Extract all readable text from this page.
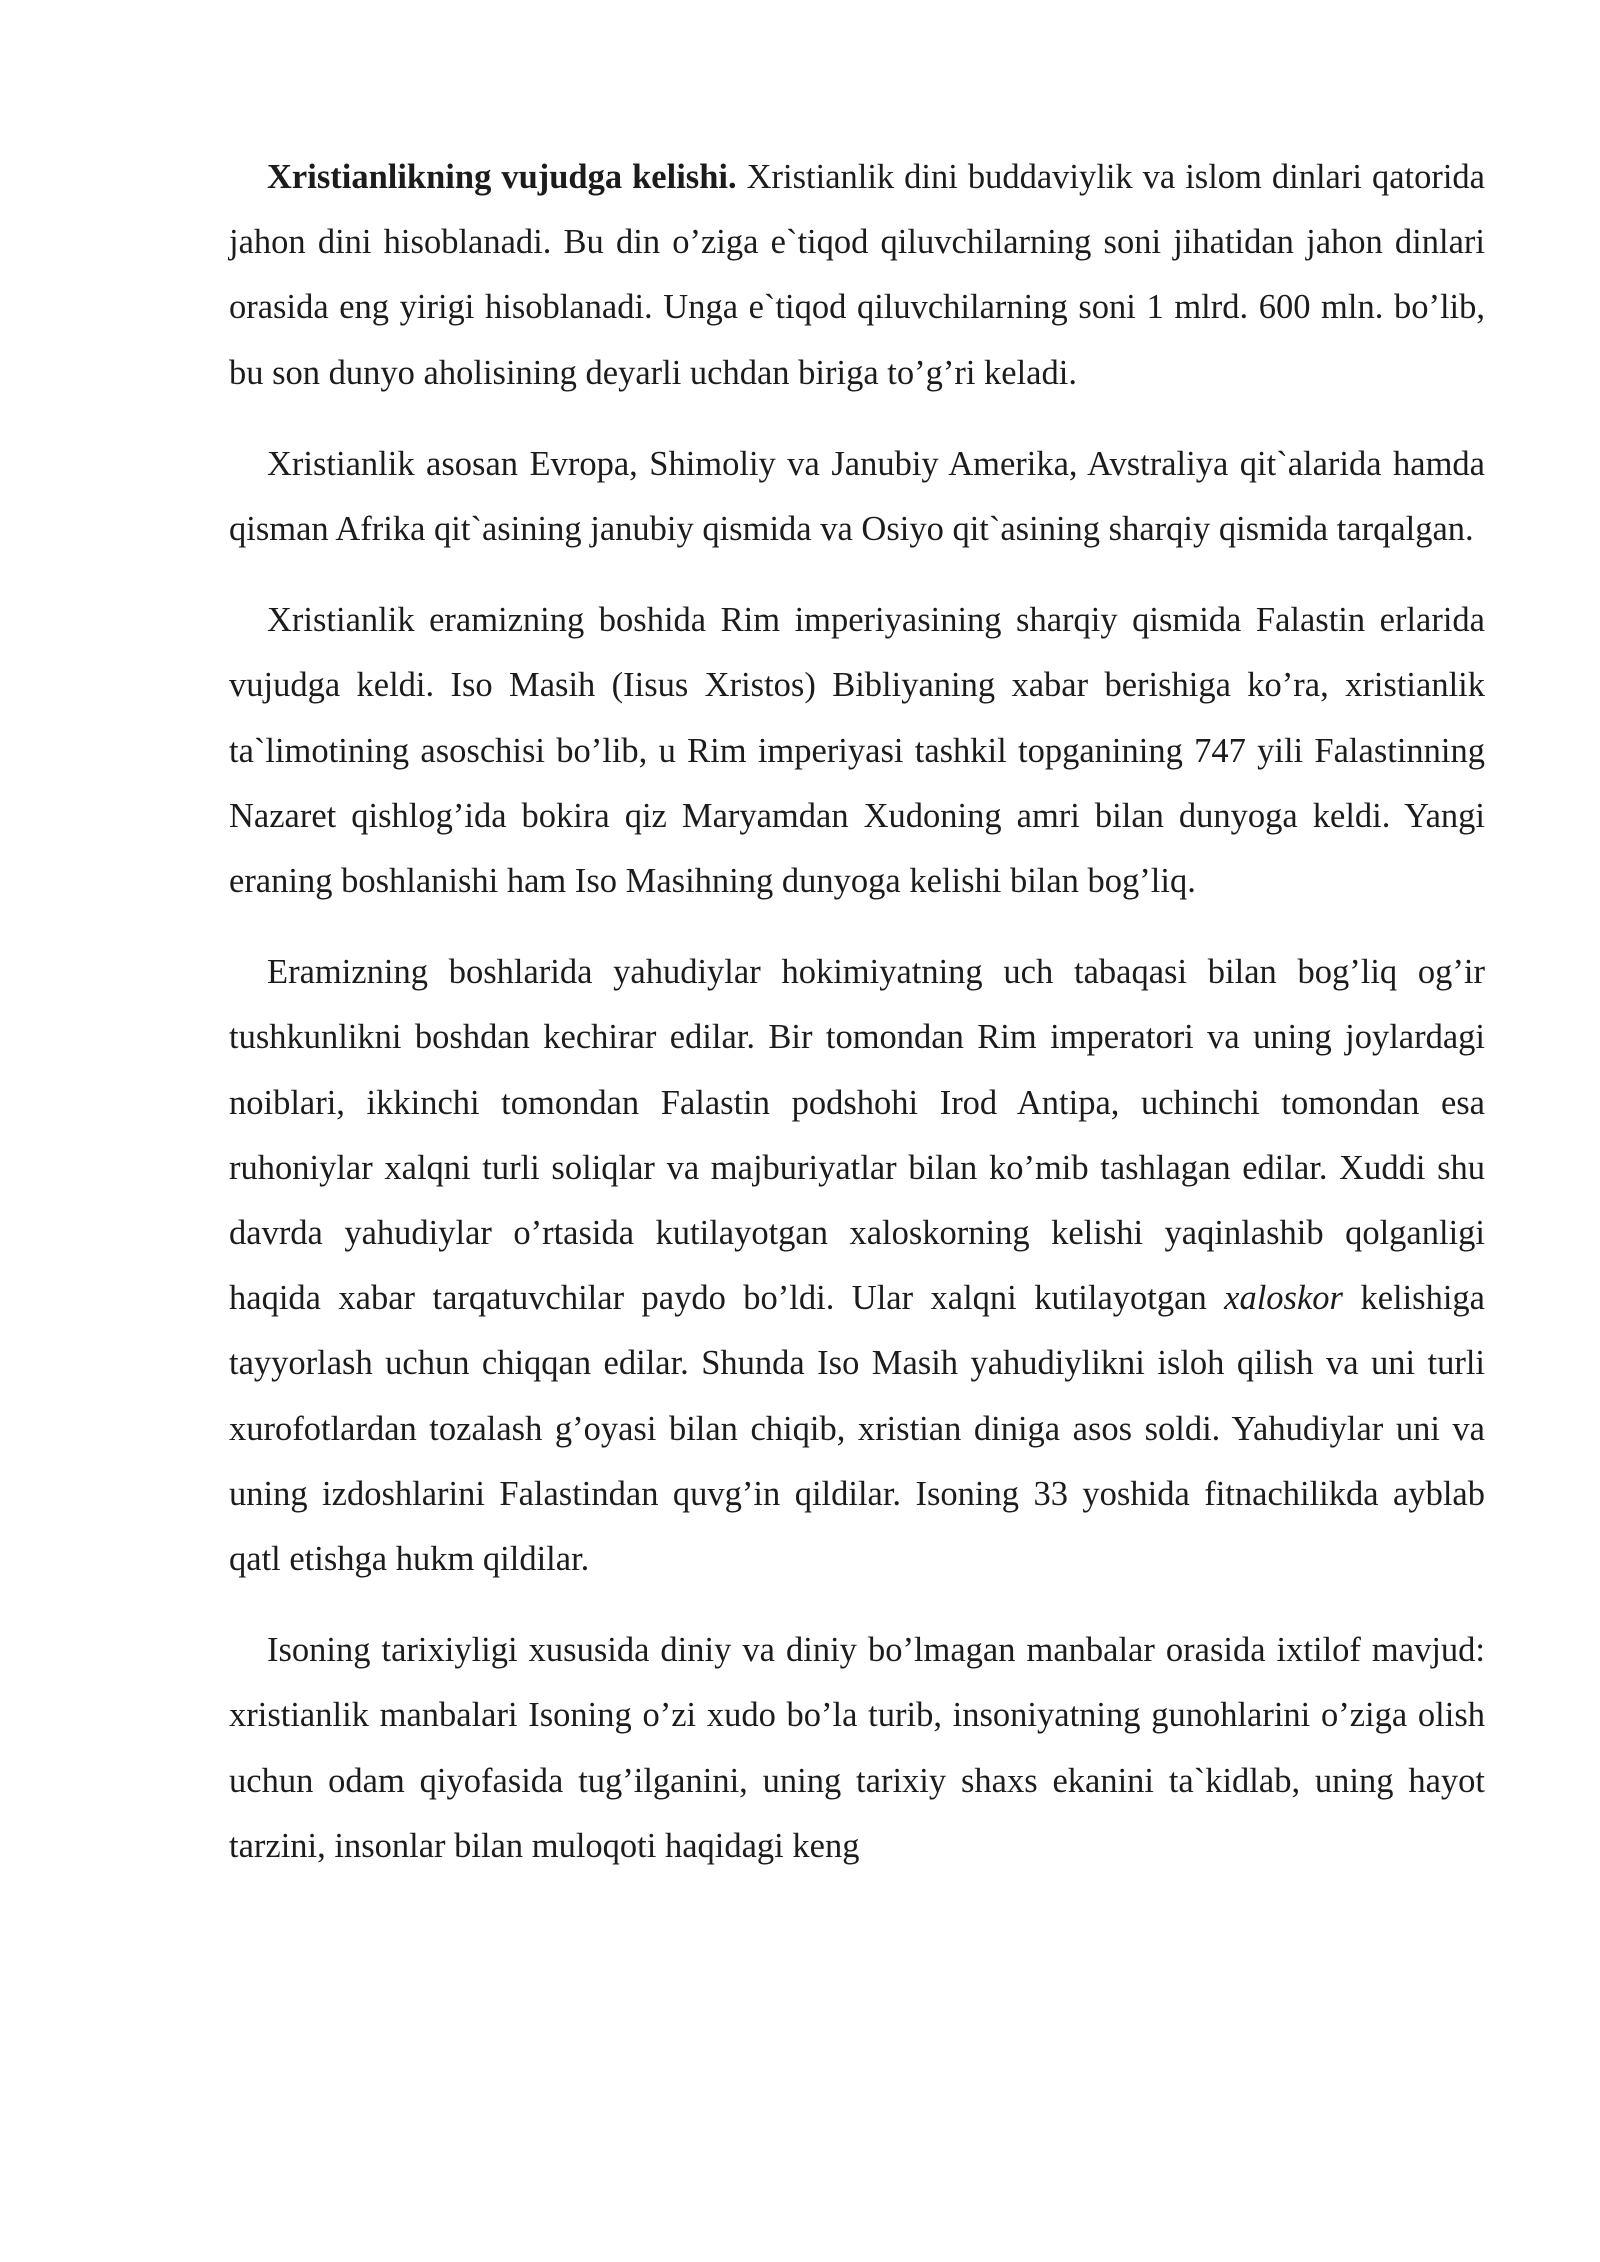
Xristianlikning vujudga kelishi. Xristianlik dini buddaviylik va islom dinlari qatorida jahon dini hisoblanadi. Bu din o’ziga e`tiqod qiluvchilarning soni jihatidan jahon dinlari orasida eng yirigi hisoblanadi. Unga e`tiqod qiluvchilarning soni 1 mlrd. 600 mln. bo’lib, bu son dunyo aholisining deyarli uchdan biriga to’g’ri keladi.

Xristianlik asosan Evropa, Shimoliy va Janubiy Amerika, Avstraliya qit`alarida hamda qisman Afrika qit`asining janubiy qismida va Osiyo qit`asining sharqiy qismida tarqalgan.

Xristianlik eramizning boshida Rim imperiyasining sharqiy qismida Falastin erlarida vujudga keldi. Iso Masih (Iisus Xristos) Bibliyaning xabar berishiga ko’ra, xristianlik ta`limotining asoschisi bo’lib, u Rim imperiyasi tashkil topganining 747 yili Falastinning Nazaret qishlog’ida bokira qiz Maryamdan Xudoning amri bilan dunyoga keldi. Yangi eraning boshlanishi ham Iso Masihning dunyoga kelishi bilan bog’liq.

Eramizning boshlarida yahudiylar hokimiyatning uch tabaqasi bilan bog’liq og’ir tushkunlikni boshdan kechirar edilar. Bir tomondan Rim imperatori va uning joylardagi noiblari, ikkinchi tomondan Falastin podshohi Irod Antipa, uchinchi tomondan esa ruhoniylar xalqni turli soliqlar va majburiyatlar bilan ko’mib tashlagan edilar. Xuddi shu davrda yahudiylar o’rtasida kutilayotgan xaloskorning kelishi yaqinlashib qolganligi haqida xabar tarqatuvchilar paydo bo’ldi. Ular xalqni kutilayotgan xaloskor kelishiga tayyorlash uchun chiqqan edilar. Shunda Iso Masih yahudiylikni isloh qilish va uni turli xurofotlardan tozalash g’oyasi bilan chiqib, xristian diniga asos soldi. Yahudiylar uni va uning izdoshlarini Falastindan quvg’in qildilar. Isoning 33 yoshida fitnachilikda ayblab qatl etishga hukm qildilar.

Isoning tarixiyligi xususida diniy va diniy bo’lmagan manbalar orasida ixtilof mavjud: xristianlik manbalari Isoning o’zi xudo bo’la turib, insoniyatning gunohlarini o’ziga olish uchun odam qiyofasida tug’ilganini, uning tarixiy shaxs ekanini ta`kidlab, uning hayot tarzini, insonlar bilan muloqoti haqidagi keng
